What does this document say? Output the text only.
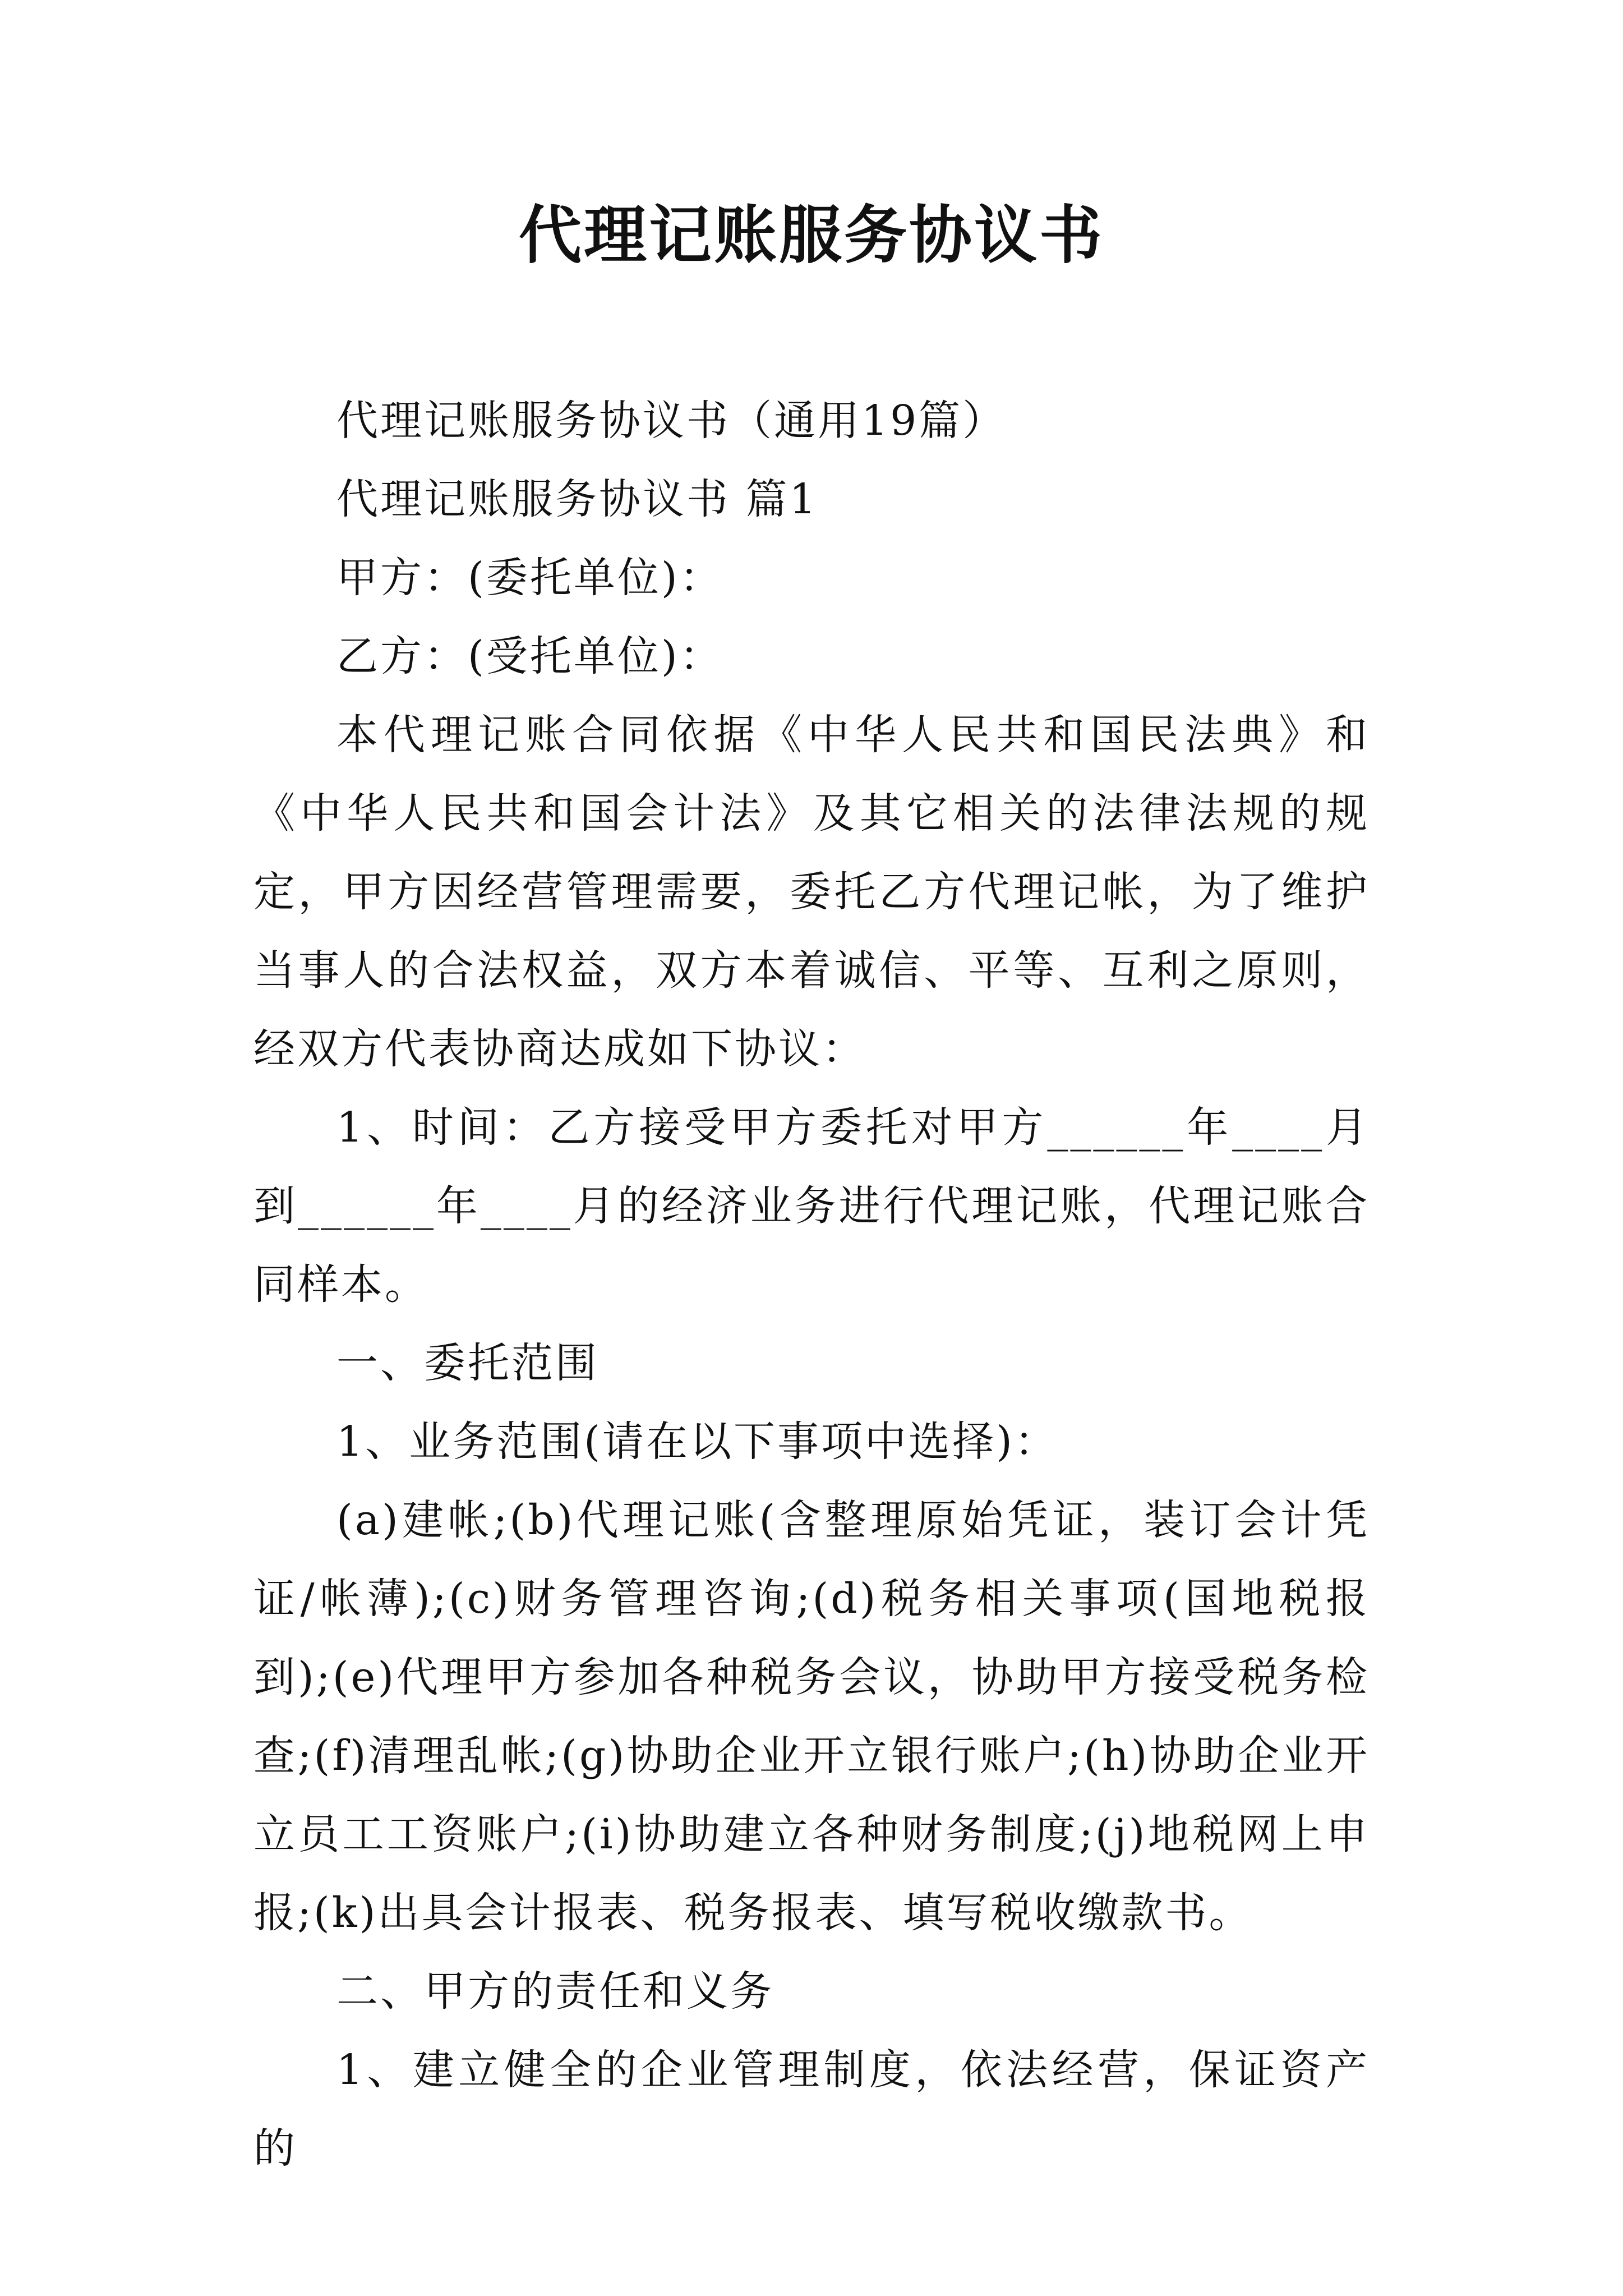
代理记账服务协议书

代理记账服务协议书（通用19篇）

代理记账服务协议书 篇1

甲方：(委托单位)：

乙方：(受托单位)：

本代理记账合同依据《中华人民共和国民法典》和《中华人民共和国会计法》及其它相关的法律法规的规定，甲方因经营管理需要，委托乙方代理记帐，为了维护当事人的合法权益，双方本着诚信、平等、互利之原则，经双方代表协商达成如下协议：

1、时间：乙方接受甲方委托对甲方______年____月到______年____月的经济业务进行代理记账，代理记账合同样本。

一、委托范围

1、业务范围(请在以下事项中选择)：

(a)建帐;(b)代理记账(含整理原始凭证，装订会计凭证/帐薄);(c)财务管理咨询;(d)税务相关事项(国地税报到);(e)代理甲方参加各种税务会议，协助甲方接受税务检查;(f)清理乱帐;(g)协助企业开立银行账户;(h)协助企业开立员工工资账户;(i)协助建立各种财务制度;(j)地税网上申报;(k)出具会计报表、税务报表、填写税收缴款书。

二、甲方的责任和义务

1、建立健全的企业管理制度，依法经营，保证资产的
